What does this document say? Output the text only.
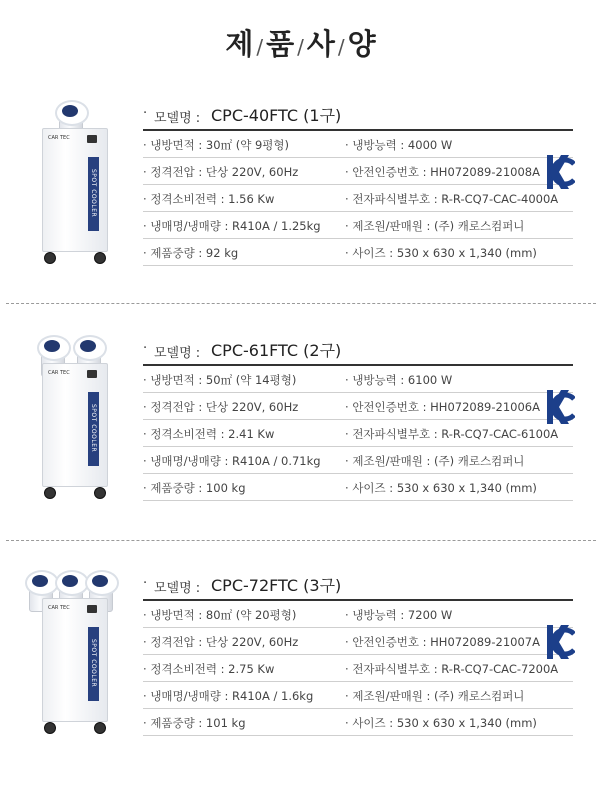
제 /품 /사 /양
CAR TEC
SPOT COOLER
· 모델명 : CPC-40FTC (1구)
· 냉방면적 : 30㎡ (약 9평형)	· 냉방능력 : 4000 W
· 정격전압 : 단상 220V, 60Hz	· 안전인증번호 : HH072089-21008A
· 정격소비전력 : 1.56 Kw	· 전자파식별부호 : R-R-CQ7-CAC-4000A
· 냉매명/냉매량 : R410A / 1.25kg · 제조원/판매원 : (주) 캐로스컴퍼니
· 제품중량 : 92 kg	· 사이즈 : 530 x 630 x 1,340 (mm)
CAR TEC
SPOT COOLER
· 모델명 : CPC-61FTC (2구)
· 냉방면적 : 50㎡ (약 14평형)	· 냉방능력 : 6100 W
· 정격전압 : 단상 220V, 60Hz	· 안전인증번호 : HH072089-21006A
· 정격소비전력 : 2.41 Kw	· 전자파식별부호 : R-R-CQ7-CAC-6100A
· 냉매명/냉매량 : R410A / 0.71kg · 제조원/판매원 : (주) 캐로스컴퍼니
· 제품중량 : 100 kg	· 사이즈 : 530 x 630 x 1,340 (mm)
CAR TEC
SPOT COOLER
· 모델명 : CPC-72FTC (3구)
· 냉방면적 : 80㎡ (약 20평형)	· 냉방능력 : 7200 W
· 정격전압 : 단상 220V, 60Hz	· 안전인증번호 : HH072089-21007A
· 정격소비전력 : 2.75 Kw	· 전자파식별부호 : R-R-CQ7-CAC-7200A
· 냉매명/냉매량 : R410A / 1.6kg	· 제조원/판매원 : (주) 캐로스컴퍼니
· 제품중량 : 101 kg	· 사이즈 : 530 x 630 x 1,340 (mm)
